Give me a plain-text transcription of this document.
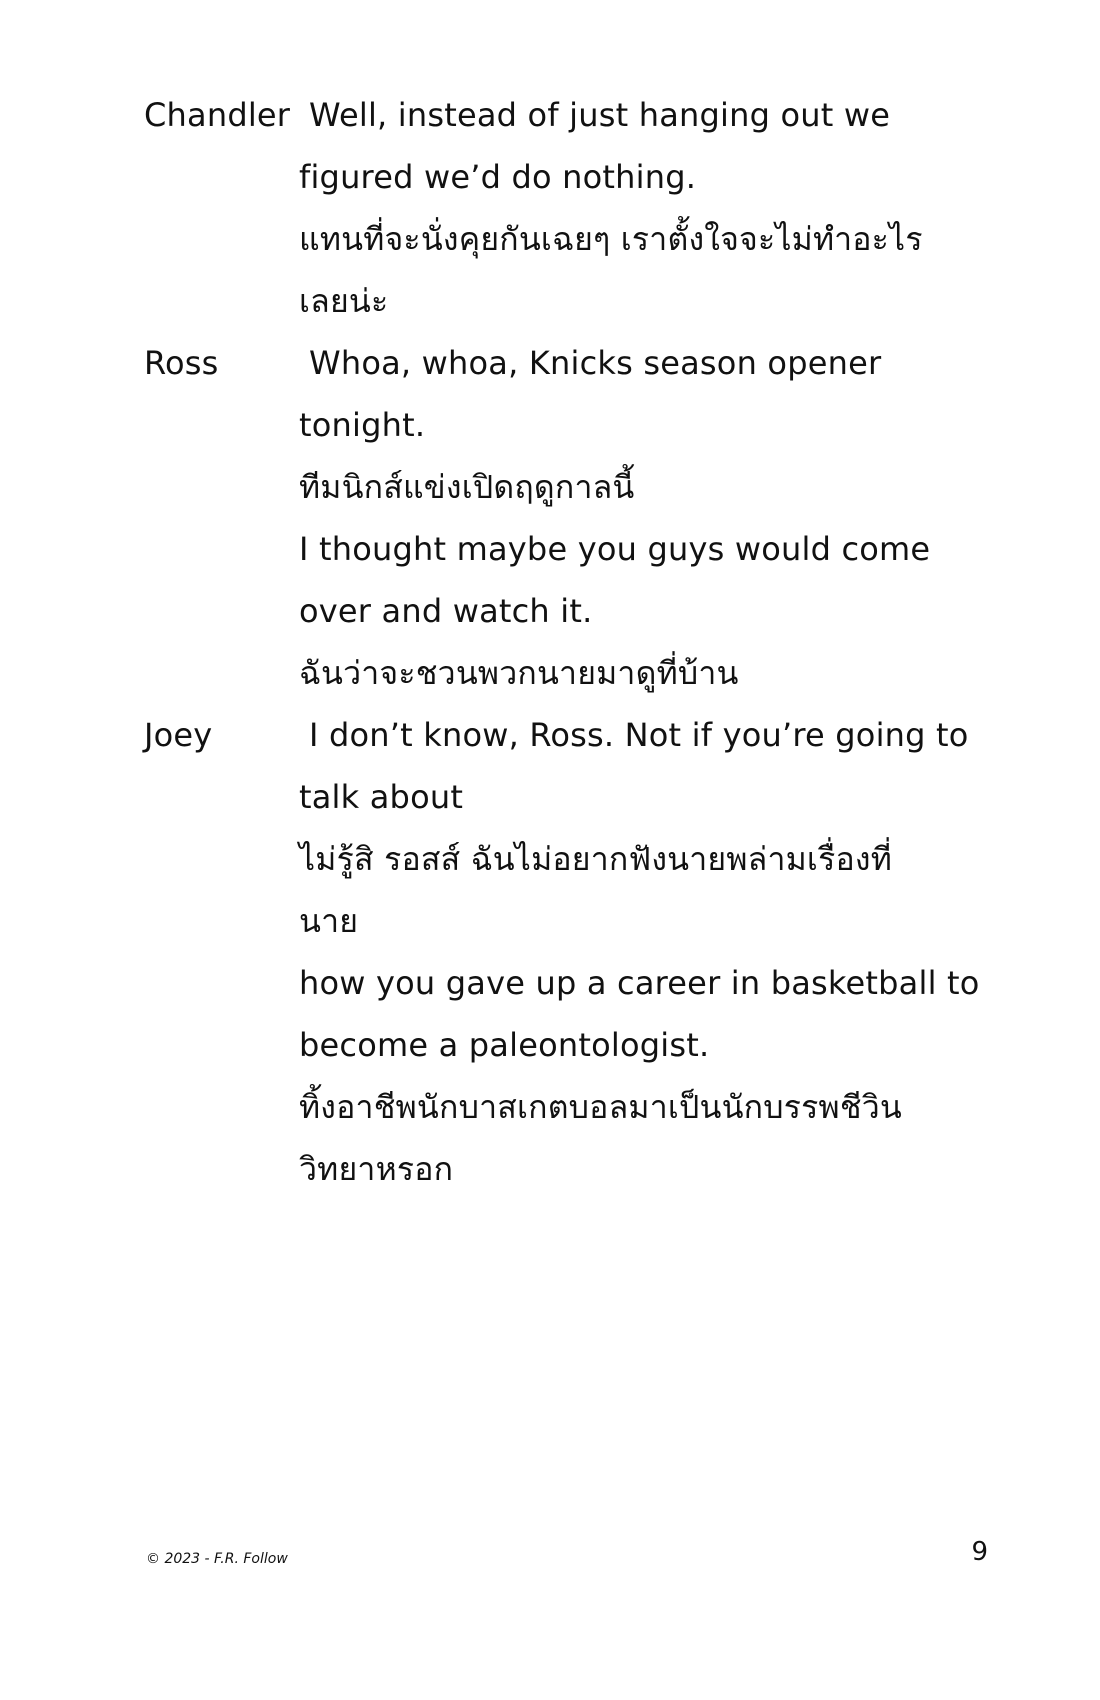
Chandler Well, instead of just hanging out we
figured we’d do nothing.
แทนที่จะนั่งคุยกันเฉยๆ เราตั้งใจจะไม่ทำอะไร
เลยน่ะ
Ross	Whoa, whoa, Knicks season opener
tonight.
ทีมนิกส์แข่งเปิดฤดูกาลนี้
I thought maybe you guys would come
over and watch it.
ฉันว่าจะชวนพวกนายมาดูที่บ้าน
Joey	I don’t know, Ross. Not if you’re going to
talk about
ไม่รู้สิ รอสส์ ฉันไม่อยากฟังนายพล่ามเรื่องที่
นาย
how you gave up a career in basketball to
become a paleontologist.
ทิ้งอาชีพนักบาสเกตบอลมาเป็นนักบรรพชีวิน
วิทยาหรอก
© 2023 - F.R. Follow	9
